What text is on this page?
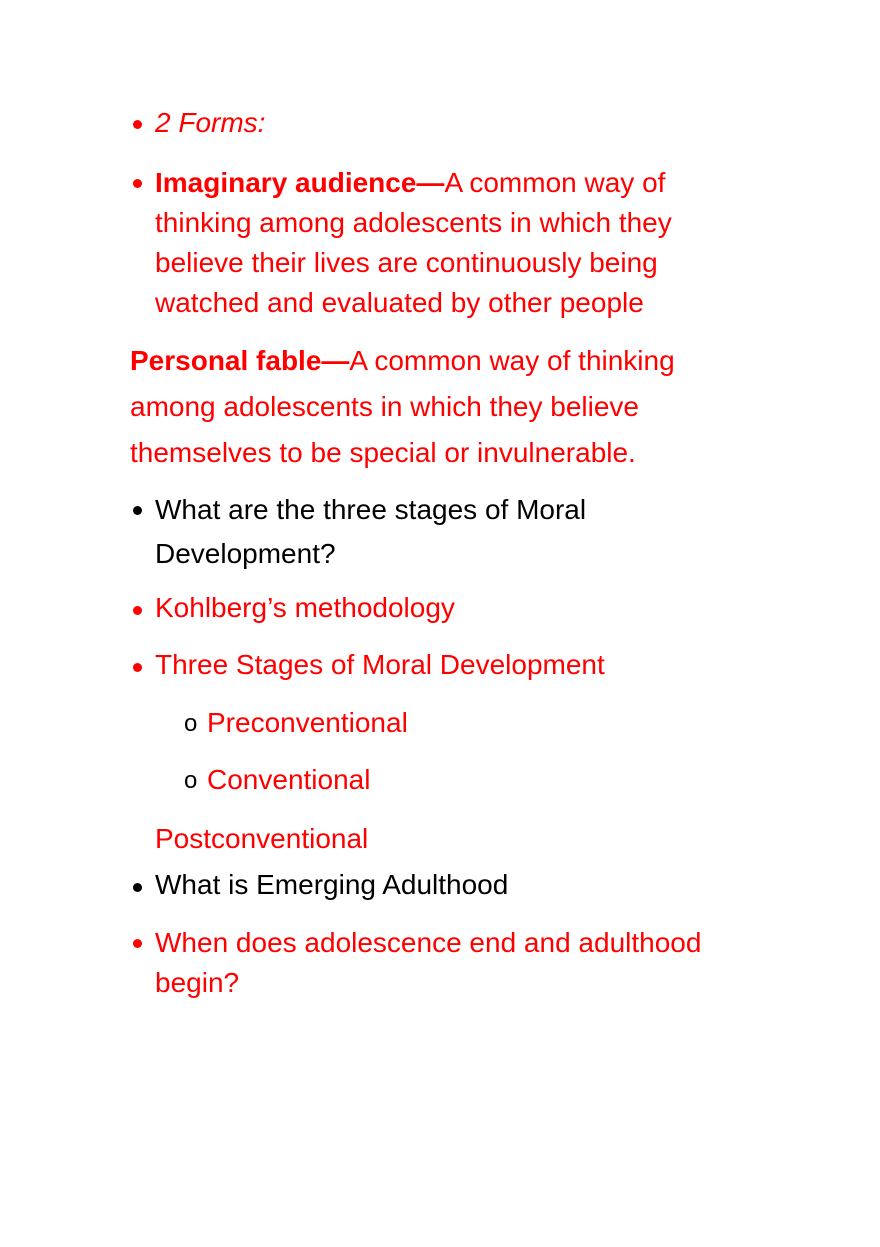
2 Forms:
Imaginary audience—A common way of
thinking among adolescents in which they
believe their lives are continuously being
watched and evaluated by other people
Personal fable—A common way of thinking
among adolescents in which they believe
themselves to be special or invulnerable.
What are the three stages of Moral
Development?
Kohlberg’s methodology
Three Stages of Moral Development
o Preconventional
o Conventional
Postconventional
What is Emerging Adulthood
When does adolescence end and adulthood
begin?
